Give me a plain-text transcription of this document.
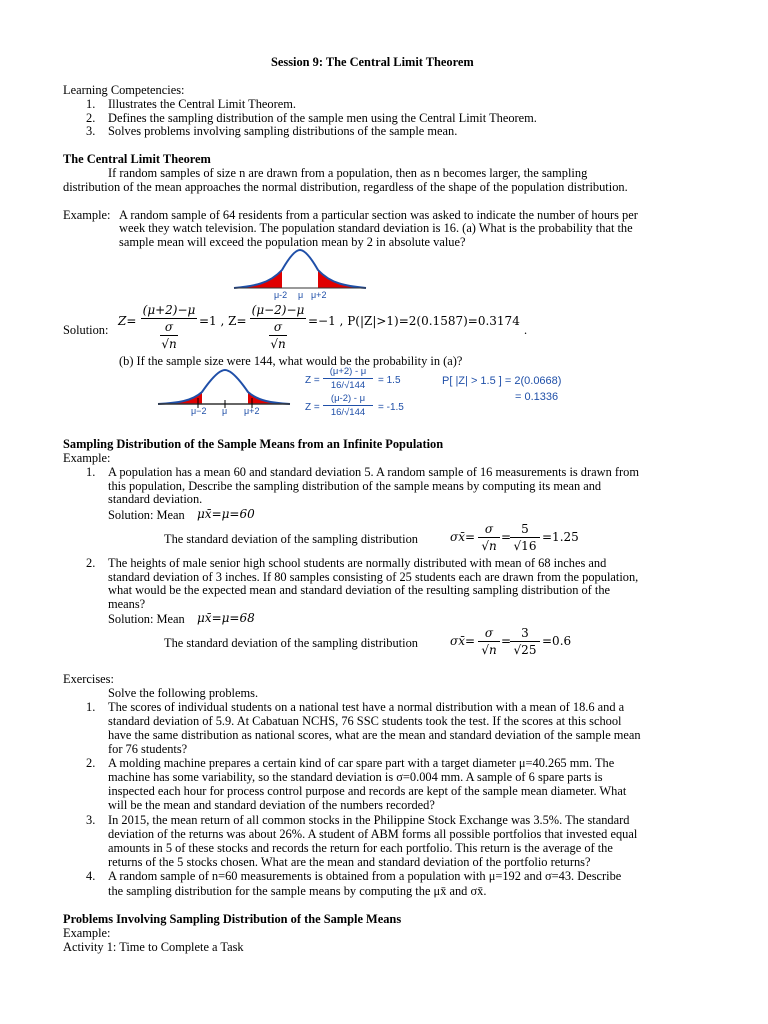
Session 9: The Central Limit Theorem
Learning Competencies:
1. Illustrates the Central Limit Theorem.
2. Defines the sampling distribution of the sample men using the Central Limit Theorem.
3. Solves problems involving sampling distributions of the sample mean.
The Central Limit Theorem
If random samples of size n are drawn from a population, then as n becomes larger, the sampling
distribution of the mean approaches the normal distribution, regardless of the shape of the population distribution.
Example: A random sample of 64 residents from a particular section was asked to indicate the number of hours per
week they watch television. The population standard deviation is 16. (a) What is the probability that the
sample mean will exceed the population mean by 2 in absolute value?
μ-2 μ μ+2
Solution:
Z=
(μ+2)−μ
σ
√n
=1 , Z=
(μ−2)−μ
σ
√n
=−1 , P(|Z|>1)=2(0.1587)=0.3174
.
(b) If the sample size were 144, what would be the probability in (a)?
μ−2 μ μ+2
Z =
(μ+2) - μ
16/√144	= 1.5
Z =
(μ-2) - μ
16/√144	= -1.5
P[ |Z| > 1.5 ] = 2(0.0668)
= 0.1336
Sampling Distribution of the Sample Means from an Infinite Population
Example:
1. A population has a mean 60 and standard deviation 5. A random sample of 16 measurements is drawn from
this population, Describe the sampling distribution of the sample means by computing its mean and
standard deviation.
Solution: Mean μx̄=μ=60
The standard deviation of the sampling distribution	σx̄=
σ
√n
=
5
√16
=1.25
2. The heights of male senior high school students are normally distributed with mean of 68 inches and
standard deviation of 3 inches. If 80 samples consisting of 25 students each are drawn from the population,
what would be the expected mean and standard deviation of the resulting sampling distribution of the
means?
Solution: Mean μx̄=μ=68
The standard deviation of the sampling distribution	σx̄=
σ
√n
=
3
√25
=0.6
Exercises:
Solve the following problems.
1. The scores of individual students on a national test have a normal distribution with a mean of 18.6 and a
standard deviation of 5.9. At Cabatuan NCHS, 76 SSC students took the test. If the scores at this school
have the same distribution as national scores, what are the mean and standard deviation of the sample mean
for 76 students?
2. A molding machine prepares a certain kind of car spare part with a target diameter μ=40.265 mm. The
machine has some variability, so the standard deviation is σ=0.004 mm. A sample of 6 spare parts is
inspected each hour for process control purpose and records are kept of the sample mean diameter. What
will be the mean and standard deviation of the numbers recorded?
3. In 2015, the mean return of all common stocks in the Philippine Stock Exchange was 3.5%. The standard
deviation of the returns was about 26%. A student of ABM forms all possible portfolios that invested equal
amounts in 5 of these stocks and records the return for each portfolio. This return is the average of the
returns of the 5 stocks chosen. What are the mean and standard deviation of the portfolio returns?
4. A random sample of n=60 measurements is obtained from a population with μ=192 and σ=43. Describe
the sampling distribution for the sample means by computing the μx̄ and σx̄.
Problems Involving Sampling Distribution of the Sample Means
Example:
Activity 1: Time to Complete a Task
